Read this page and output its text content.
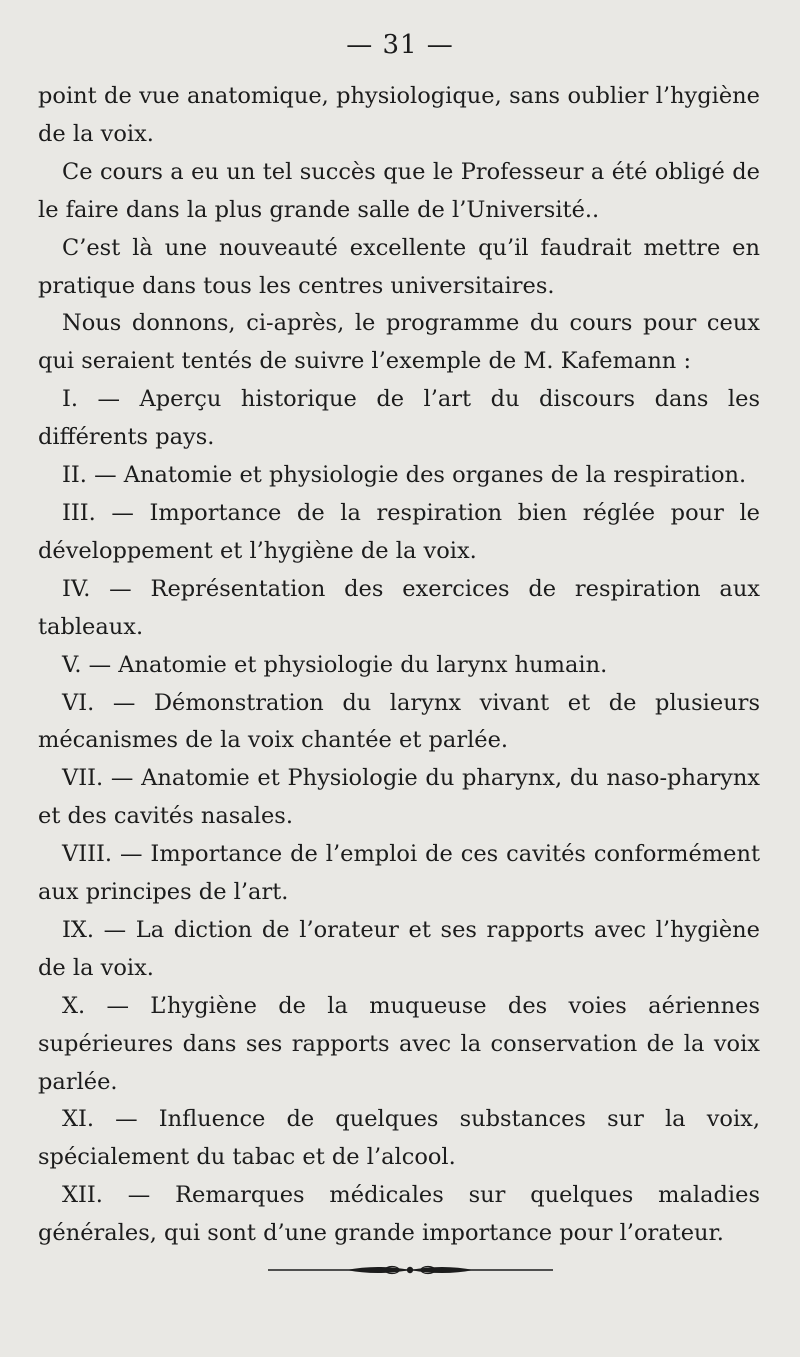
— 31 —

point de vue anatomique, physiologique, sans oublier l’hygiène de la voix.

Ce cours a eu un tel succès que le Professeur a été obligé de le faire dans la plus grande salle de l’Université..

C’est là une nouveauté excellente qu’il faudrait mettre en pratique dans tous les centres universitaires.

Nous donnons, ci-après, le programme du cours pour ceux qui seraient tentés de suivre l’exemple de M. Kafemann :

I. — Aperçu historique de l’art du discours dans les différents pays.

II. — Anatomie et physiologie des organes de la respiration.

III. — Importance de la respiration bien réglée pour le développement et l’hygiène de la voix.

IV. — Représentation des exercices de respiration aux tableaux.

V. — Anatomie et physiologie du larynx humain.

VI. — Démonstration du larynx vivant et de plusieurs mécanismes de la voix chantée et parlée.

VII. — Anatomie et Physiologie du pharynx, du naso-pharynx et des cavités nasales.

VIII. — Importance de l’emploi de ces cavités conformément aux principes de l’art.

IX. — La diction de l’orateur et ses rapports avec l’hygiène de la voix.

X. — L’hygiène de la muqueuse des voies aériennes supérieures dans ses rapports avec la conservation de la voix parlée.

XI. — Influence de quelques substances sur la voix, spécialement du tabac et de l’alcool.

XII. — Remarques médicales sur quelques maladies générales, qui sont d’une grande importance pour l’orateur.
